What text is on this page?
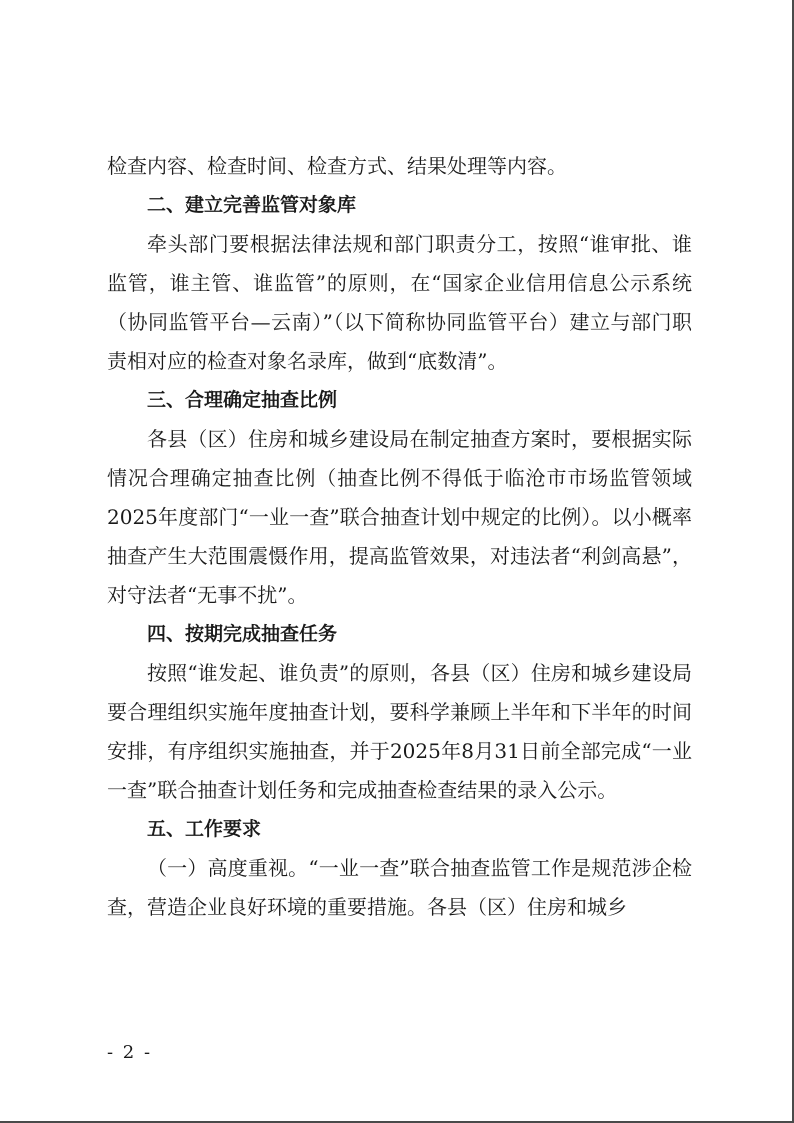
检查内容、检查时间、检查方式、结果处理等内容。

二、建立完善监管对象库

牵头部门要根据法律法规和部门职责分工，按照“谁审批、谁监管，谁主管、谁监管”的原则，在“国家企业信用信息公示系统（协同监管平台—云南）”（以下简称协同监管平台）建立与部门职责相对应的检查对象名录库，做到“底数清”。

三、合理确定抽查比例

各县（区）住房和城乡建设局在制定抽查方案时，要根据实际情况合理确定抽查比例（抽查比例不得低于临沧市市场监管领域2025年度部门“一业一查”联合抽查计划中规定的比例）。以小概率抽查产生大范围震慑作用，提高监管效果，对违法者“利剑高悬”，对守法者“无事不扰”。

四、按期完成抽查任务

按照“谁发起、谁负责”的原则，各县（区）住房和城乡建设局要合理组织实施年度抽查计划，要科学兼顾上半年和下半年的时间安排，有序组织实施抽查，并于2025年8月31日前全部完成“一业一查”联合抽查计划任务和完成抽查检查结果的录入公示。

五、工作要求

（一）高度重视。“一业一查”联合抽查监管工作是规范涉企检查，营造企业良好环境的重要措施。各县（区）住房和城乡

- 2 -
